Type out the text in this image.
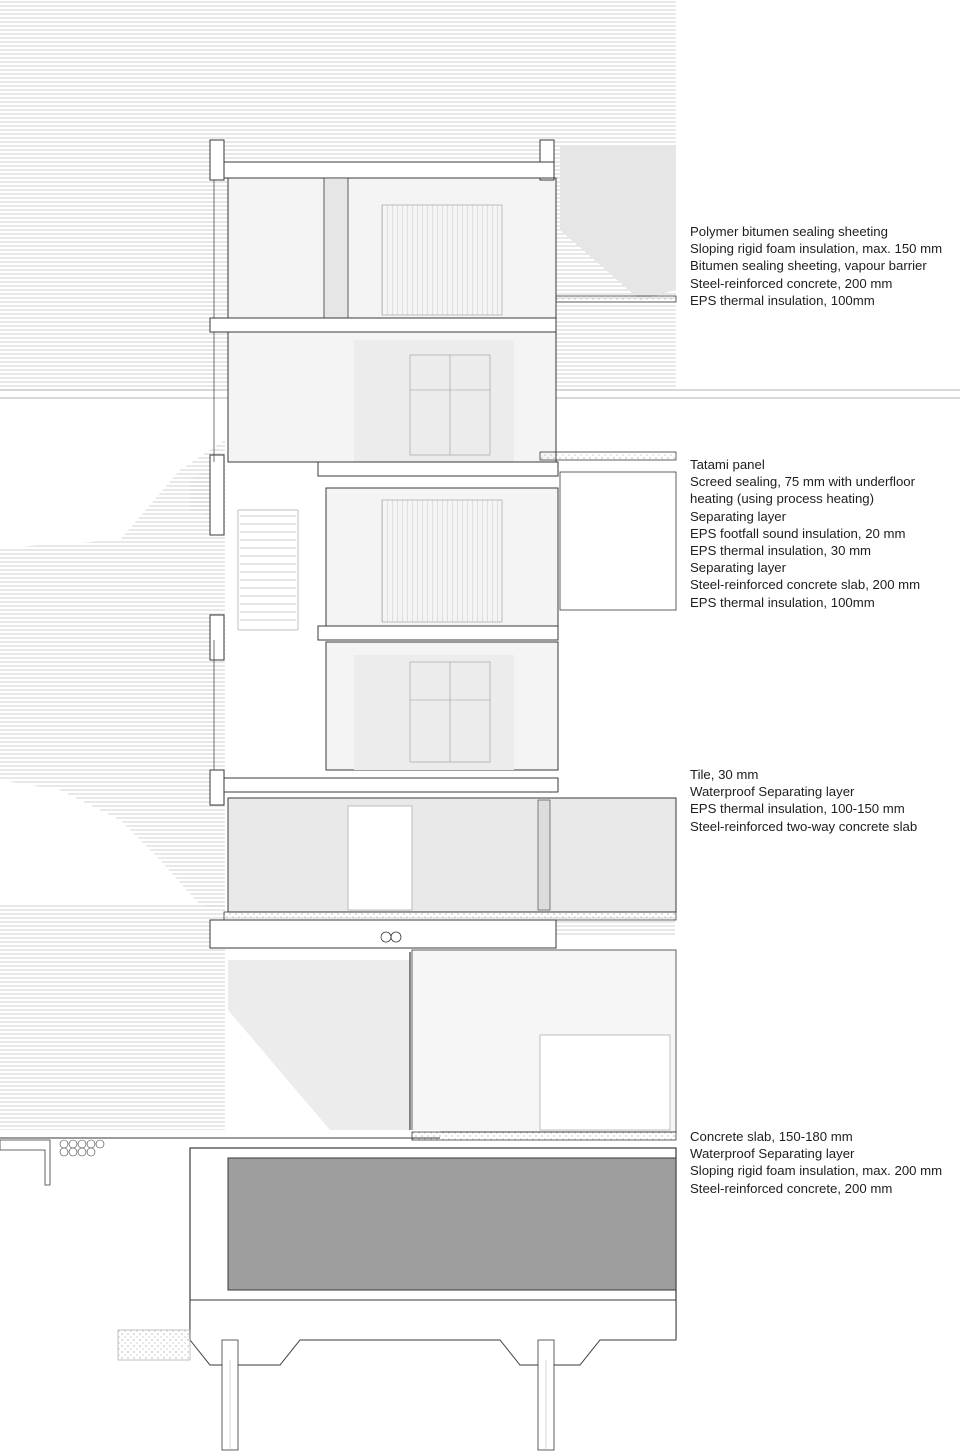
Polymer bitumen sealing sheeting
Sloping rigid foam insulation, max. 150 mm
Bitumen sealing sheeting, vapour barrier
Steel-reinforced concrete, 200 mm
EPS thermal insulation, 100mm
Tatami panel
Screed sealing, 75 mm with underfloor
heating (using process heating)
Separating layer
EPS footfall sound insulation, 20 mm
EPS thermal insulation, 30 mm
Separating layer
Steel-reinforced concrete slab, 200 mm
EPS thermal insulation, 100mm
Tile, 30 mm
Waterproof Separating layer
EPS thermal insulation, 100-150 mm
Steel-reinforced two-way concrete slab
Concrete slab, 150-180 mm
Waterproof Separating layer
Sloping rigid foam insulation, max. 200 mm
Steel-reinforced concrete, 200 mm
